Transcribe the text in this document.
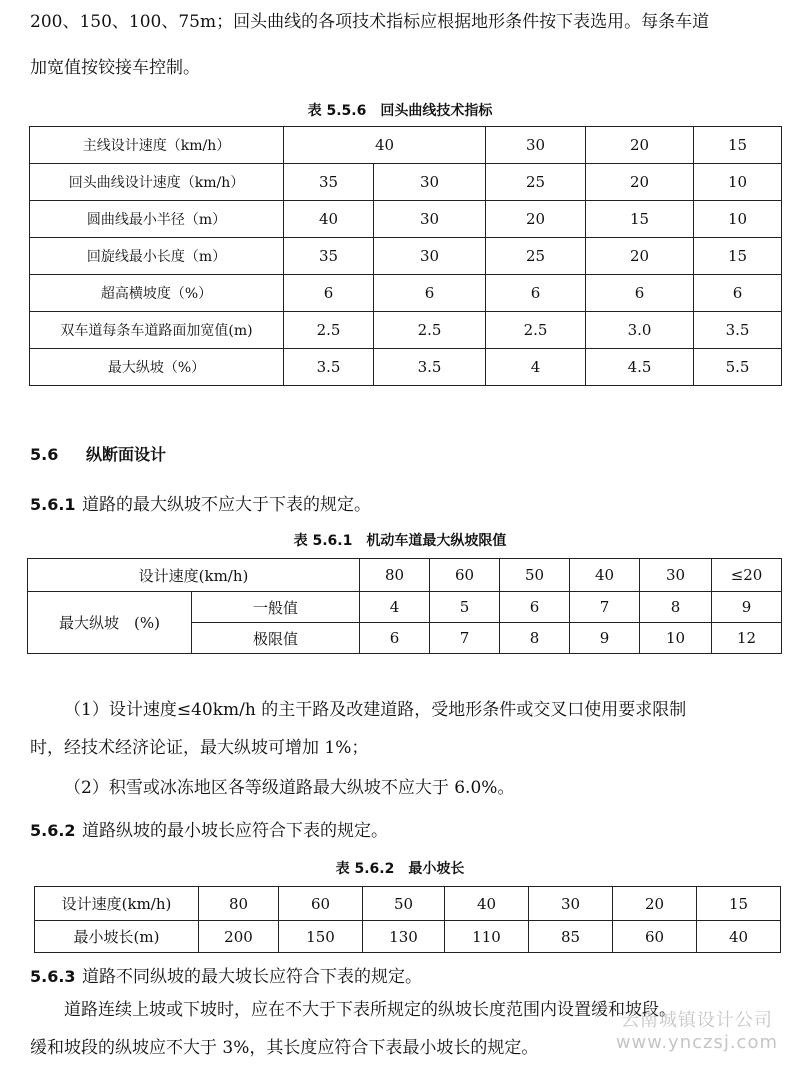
200、150、100、75m；回头曲线的各项技术指标应根据地形条件按下表选用。每条车道
加宽值按铰接车控制。
表 5.5.6　回头曲线技术指标
主线设计速度（km/h）	40		30	20	15
回头曲线设计速度（km/h）	35	30	25	20	10
圆曲线最小半径（m）	40	30	20	15	10
回旋线最小长度（m）	35	30	25	20	15
超高横坡度（%）	6	6	6	6	6
双车道每条车道路面加宽值(m)	2.5	2.5	2.5	3.0	3.5
最大纵坡（%）	3.5	3.5	4	4.5	5.5
5.6 纵断面设计
5.6.1 道路的最大纵坡不应大于下表的规定。
表 5.6.1　机动车道最大纵坡限值
设计速度(km/h)		80	60	50	40	30	≤20
最大纵坡　(%)	一般值	4	5	6	7	8	9
	极限值	6	7	8	9	10	12
（1）设计速度≤40km/h 的主干路及改建道路，受地形条件或交叉口使用要求限制
时，经技术经济论证，最大纵坡可增加 1%；
（2）积雪或冰冻地区各等级道路最大纵坡不应大于 6.0%。
5.6.2 道路纵坡的最小坡长应符合下表的规定。
表 5.6.2　最小坡长
设计速度(km/h)	80	60	50	40	30	20	15
最小坡长(m)	200	150	130	110	85	60	40
5.6.3 道路不同纵坡的最大坡长应符合下表的规定。
道路连续上坡或下坡时，应在不大于下表所规定的纵坡长度范围内设置缓和坡段。
缓和坡段的纵坡应不大于 3%，其长度应符合下表最小坡长的规定。
云南城镇设计公司
www.ynczsj.com
